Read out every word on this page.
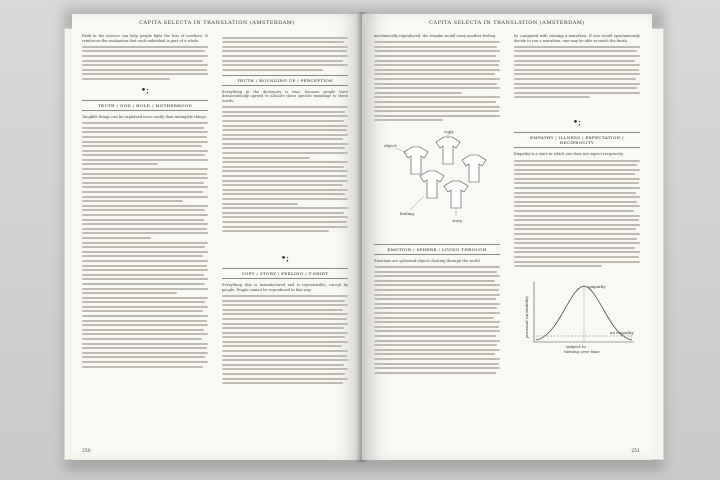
CAPITA SELECTA IN TRANSLATION (AMSTERDAM)

Faith in the science can help people fight the fear of nowhere. It reinforces the realization that each individual is part of a whole.

•;
TRUTH / GOD / HOLD / MOTHERHOOD

Tangible things can be explained more easily than intangible things.

TRUTH / ROUNDING UP / PERCEPTION

Everything in the dictionary is true, because people have democratically agreed to allocate these specific meanings to these words.

•;
COPY / STORY / FEELING / T-SHIRT

Everything that is manufactured and is reproducible, except by people. People cannot be reproduced in this way.

250
CAPITA SELECTA IN TRANSLATION (AMSTERDAM)

mechanically reproduced, the remake would carry another feeling.

copy
object
feeling
story
EMOTION / SPHERE / LIVING THROUGH

Emotions are spherical objects floating through the world.

be compared with running a marathon. If one would spontaneously decide to run a marathon, one may be able to reach the finish.

•;
EMPATHY / ILLNESS / EXPECTATION / RECIPROCITY

Empathy is a state in which one does not expect reciprocity.

empathy
no empathy
subject to
turning over time
personal (in)stability
251
